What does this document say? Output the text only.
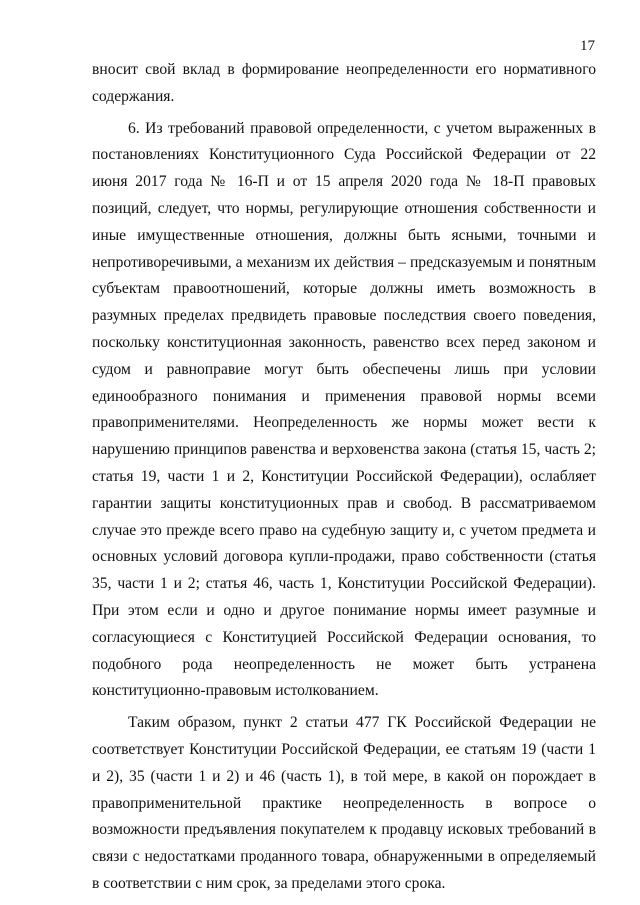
17

вносит свой вклад в формирование неопределенности его нормативного содержания.

6. Из требований правовой определенности, с учетом выраженных в постановлениях Конституционного Суда Российской Федерации от 22 июня 2017 года № 16-П и от 15 апреля 2020 года № 18-П правовых позиций, следует, что нормы, регулирующие отношения собственности и иные имущественные отношения, должны быть ясными, точными и непротиворечивыми, а механизм их действия – предсказуемым и понятным субъектам правоотношений, которые должны иметь возможность в разумных пределах предвидеть правовые последствия своего поведения, поскольку конституционная законность, равенство всех перед законом и судом и равноправие могут быть обеспечены лишь при условии единообразного понимания и применения правовой нормы всеми правоприменителями. Неопределенность же нормы может вести к нарушению принципов равенства и верховенства закона (статья 15, часть 2; статья 19, части 1 и 2, Конституции Российской Федерации), ослабляет гарантии защиты конституционных прав и свобод. В рассматриваемом случае это прежде всего право на судебную защиту и, с учетом предмета и основных условий договора купли-продажи, право собственности (статья 35, части 1 и 2; статья 46, часть 1, Конституции Российской Федерации). При этом если и одно и другое понимание нормы имеет разумные и согласующиеся с Конституцией Российской Федерации основания, то подобного рода неопределенность не может быть устранена конституционно-правовым истолкованием.

Таким образом, пункт 2 статьи 477 ГК Российской Федерации не соответствует Конституции Российской Федерации, ее статьям 19 (части 1 и 2), 35 (части 1 и 2) и 46 (часть 1), в той мере, в какой он порождает в правоприменительной практике неопределенность в вопросе о возможности предъявления покупателем к продавцу исковых требований в связи с недостатками проданного товара, обнаруженными в определяемый в соответствии с ним срок, за пределами этого срока.
